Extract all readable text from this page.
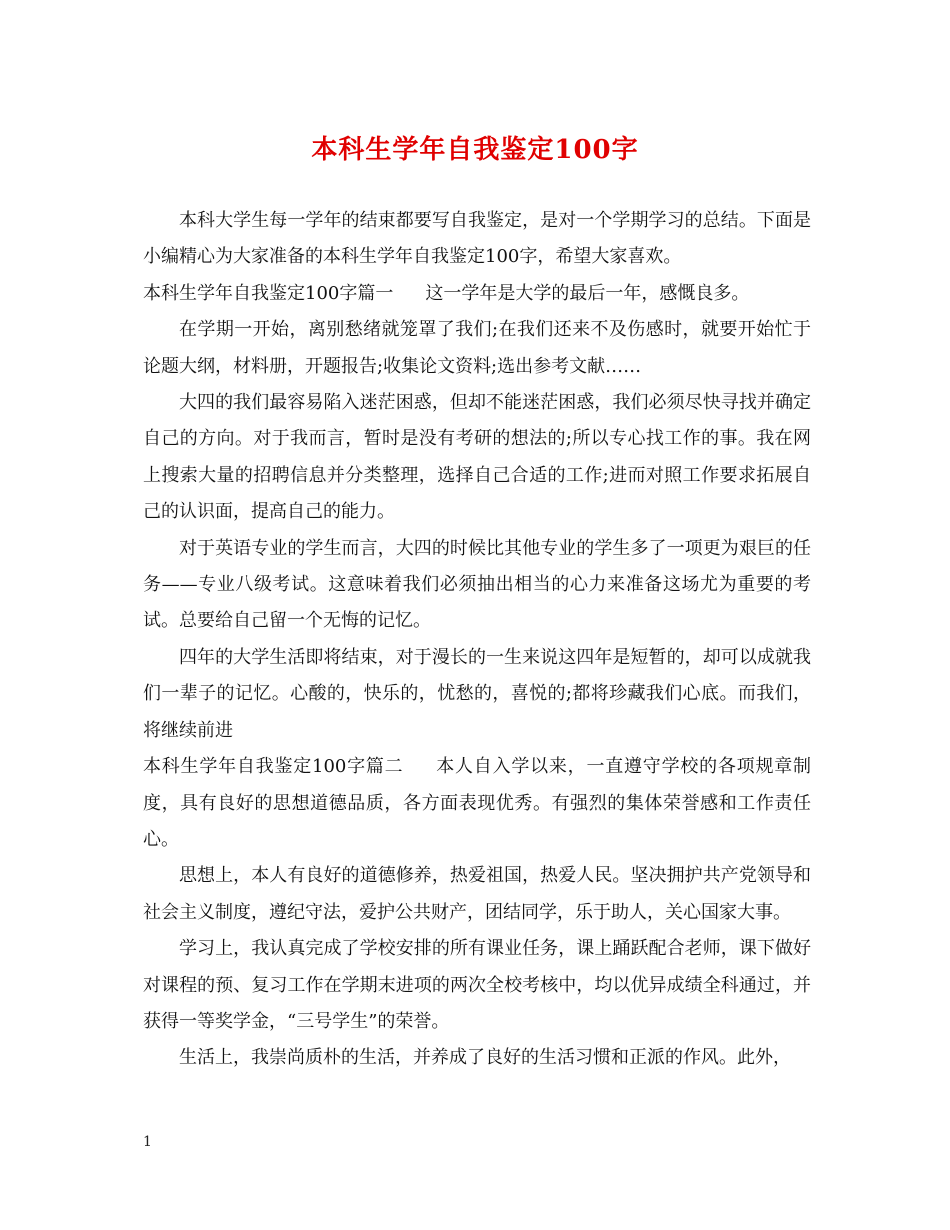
本科生学年自我鉴定100字

本科大学生每一学年的结束都要写自我鉴定，是对一个学期学习的总结。下面是小编精心为大家准备的本科生学年自我鉴定100字，希望大家喜欢。

本科生学年自我鉴定100字篇一 这一学年是大学的最后一年，感慨良多。

在学期一开始，离别愁绪就笼罩了我们;在我们还来不及伤感时，就要开始忙于论题大纲，材料册，开题报告;收集论文资料;选出参考文献……

大四的我们最容易陷入迷茫困惑，但却不能迷茫困惑，我们必须尽快寻找并确定自己的方向。对于我而言，暂时是没有考研的想法的;所以专心找工作的事。我在网上搜索大量的招聘信息并分类整理，选择自己合适的工作;进而对照工作要求拓展自己的认识面，提高自己的能力。

对于英语专业的学生而言，大四的时候比其他专业的学生多了一项更为艰巨的任务——专业八级考试。这意味着我们必须抽出相当的心力来准备这场尤为重要的考试。总要给自己留一个无悔的记忆。

四年的大学生活即将结束，对于漫长的一生来说这四年是短暂的，却可以成就我们一辈子的记忆。心酸的，快乐的，忧愁的，喜悦的;都将珍藏我们心底。而我们，将继续前进

本科生学年自我鉴定100字篇二 本人自入学以来，一直遵守学校的各项规章制度，具有良好的思想道德品质，各方面表现优秀。有强烈的集体荣誉感和工作责任心。

思想上，本人有良好的道德修养，热爱祖国，热爱人民。坚决拥护共产党领导和社会主义制度，遵纪守法，爱护公共财产，团结同学，乐于助人，关心国家大事。

学习上，我认真完成了学校安排的所有课业任务，课上踊跃配合老师，课下做好对课程的预、复习工作在学期末进项的两次全校考核中，均以优异成绩全科通过，并获得一等奖学金，“三号学生”的荣誉。

生活上，我崇尚质朴的生活，并养成了良好的生活习惯和正派的作风。此外，

1
